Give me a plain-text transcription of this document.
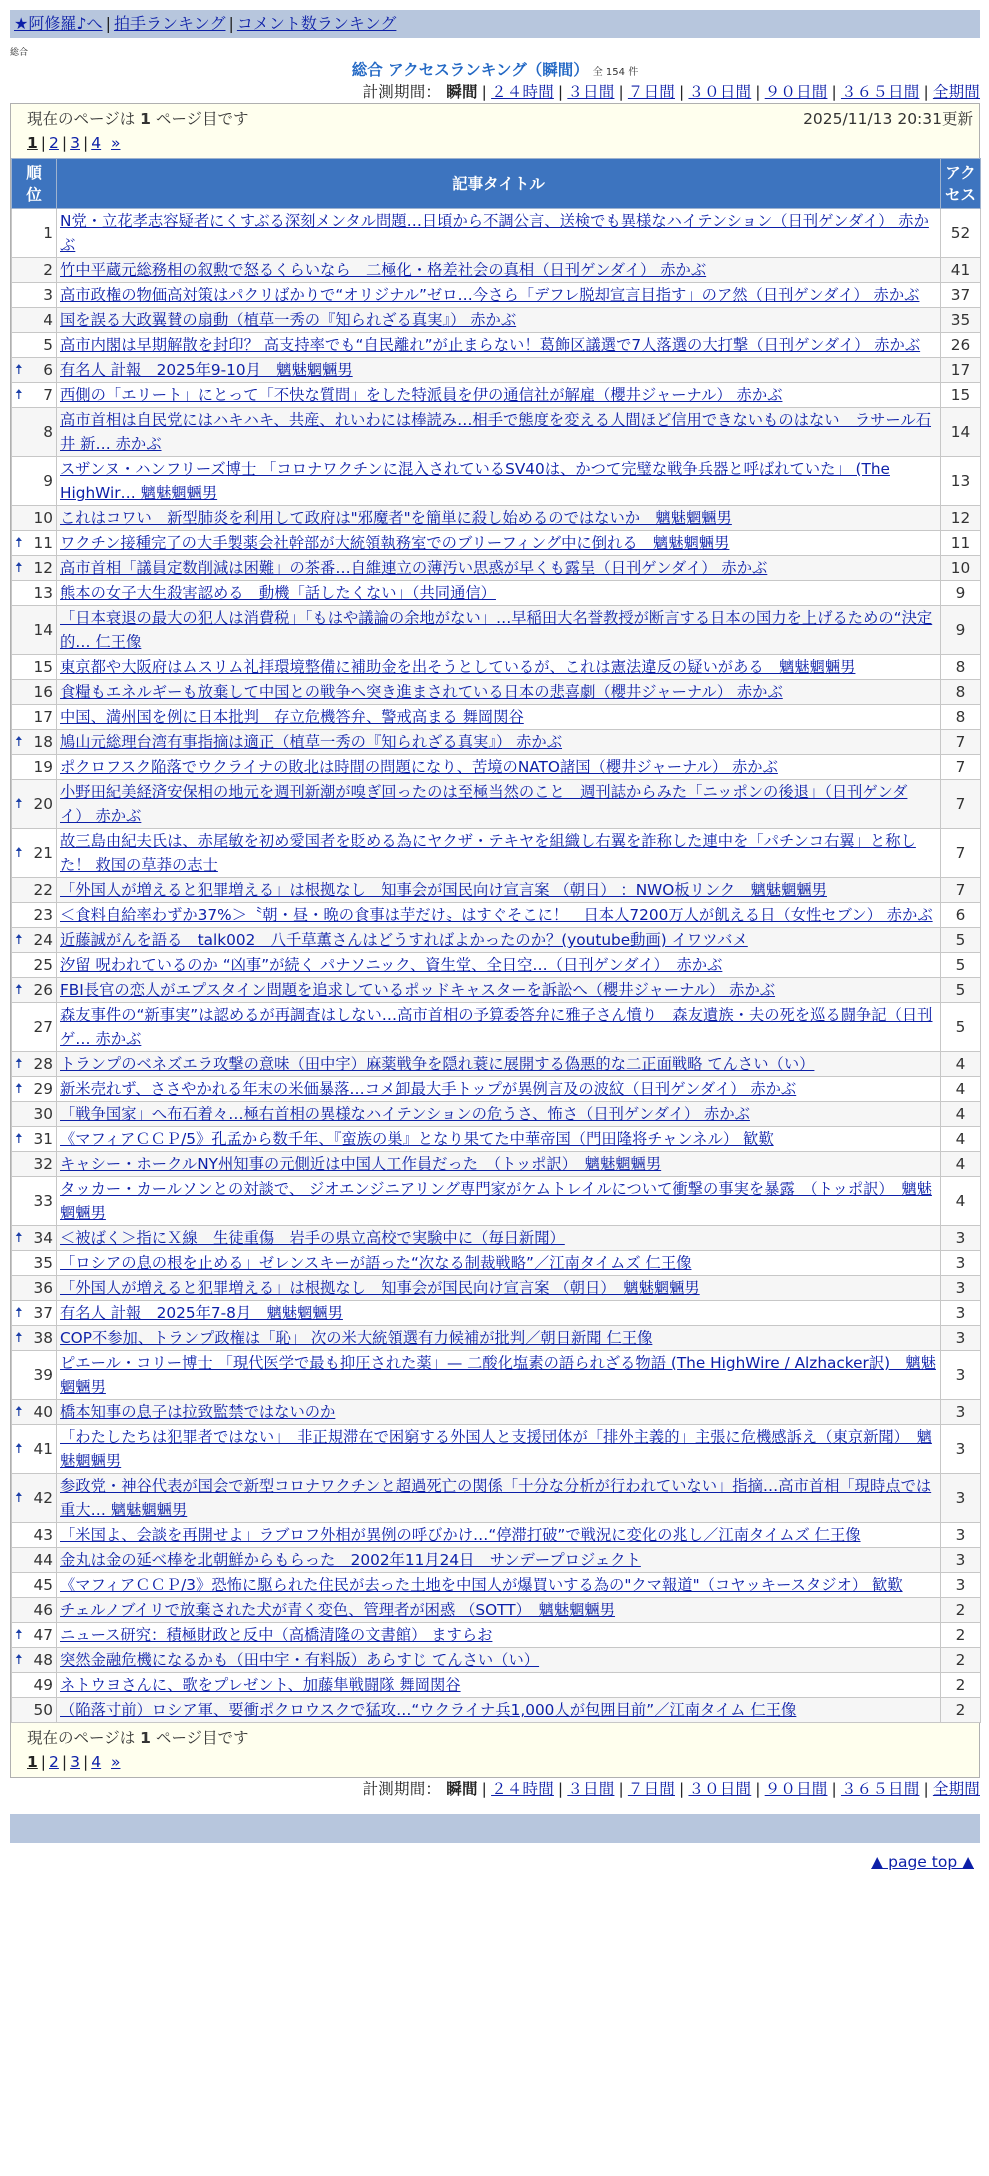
★阿修羅♪へ | 拍手ランキング | コメント数ランキング
総合
総合 アクセスランキング（瞬間） 全 154 件
計測期間： 瞬間 | ２４時間 | ３日間 | ７日間 | ３０日間 | ９０日間 | ３６５日間 | 全期間
現在のページは 1 ページ目です	2025/11/13 20:31更新
1 | 2 | 3 | 4 »
順位	記事タイトル	アクセス
1	N党・立花孝志容疑者にくすぶる深刻メンタル問題…日頃から不調公言、送検でも異様なハイテンション（日刊ゲンダイ） 赤かぶ	52
2	竹中平蔵元総務相の叙勲で怒るくらいなら　二極化・格差社会の真相（日刊ゲンダイ） 赤かぶ	41
3	高市政権の物価高対策はパクリばかりで“オリジナル”ゼロ…今さら「デフレ脱却宣言目指す」のア然（日刊ゲンダイ） 赤かぶ	37
4	国を誤る大政翼賛の扇動（植草一秀の『知られざる真実』） 赤かぶ	35
5	高市内閣は早期解散を封印？ 高支持率でも“自民離れ”が止まらない！葛飾区議選で7人落選の大打撃（日刊ゲンダイ） 赤かぶ	26

🠅 6	有名人 計報　2025年9-10月　魑魅魍魎男	17

🠅 7	西側の「エリート」にとって「不快な質問」をした特派員を伊の通信社が解雇（櫻井ジャーナル） 赤かぶ	15
8	高市首相は自民党にはハキハキ、共産、れいわには棒読み…相手で態度を変える人間ほど信用できないものはない　ラサール石井 新… 赤かぶ	14
9	スザンヌ・ハンフリーズ博士 「コロナワクチンに混入されているSV40は、かつて完璧な戦争兵器と呼ばれていた」 (The HighWir… 魑魅魍魎男	13
10	これはコワい　新型肺炎を利用して政府は"邪魔者"を簡単に殺し始めるのではないか　魑魅魍魎男	12

🠅 11	ワクチン接種完了の大手製薬会社幹部が大統領執務室でのブリーフィング中に倒れる　魑魅魍魎男	11

🠅 12	高市首相「議員定数削減は困難」の茶番…自維連立の薄汚い思惑が早くも露呈（日刊ゲンダイ） 赤かぶ	10
13	熊本の女子大生殺害認める　動機「話したくない」（共同通信）	9
14	「日本衰退の最大の犯人は消費税」「もはや議論の余地がない」…早稲田大名誉教授が断言する日本の国力を上げるための“決定的… 仁王像	9
15	東京都や大阪府はムスリム礼拝環境整備に補助金を出そうとしているが、これは憲法違反の疑いがある　魑魅魍魎男	8
16	食糧もエネルギーも放棄して中国との戦争へ突き進まされている日本の悲喜劇（櫻井ジャーナル） 赤かぶ	8
17	中国、満州国を例に日本批判　存立危機答弁、警戒高まる 舞岡関谷	8

🠅 18	鳩山元総理台湾有事指摘は適正（植草一秀の『知られざる真実』） 赤かぶ	7
19	ポクロフスク陥落でウクライナの敗北は時間の問題になり、苦境のNATO諸国（櫻井ジャーナル） 赤かぶ	7

🠅 20	小野田紀美経済安保相の地元を週刊新潮が嗅ぎ回ったのは至極当然のこと　週刊誌からみた「ニッポンの後退」（日刊ゲンダイ） 赤かぶ	7

🠅 21	故三島由紀夫氏は、赤尾敏を初め愛国者を貶める為にヤクザ・テキヤを組織し右翼を詐称した連中を「パチンコ右翼」と称した！ 救国の草莽の志士	7
22	「外国人が増えると犯罪増える」は根拠なし　知事会が国民向け宣言案 （朝日） ：NWO板リンク　魑魅魍魎男	7
23	＜食料自給率わずか37%＞〝朝・昼・晩の食事は芋だけ〟はすぐそこに！　日本人7200万人が飢える日（女性セブン） 赤かぶ	6

🠅 24	近藤誠がんを語る　talk002　八千草薫さんはどうすればよかったのか？(youtube動画) イワツバメ	5
25	汐留 呪われているのか “凶事”が続く パナソニック、資生堂、全日空…（日刊ゲンダイ）　赤かぶ	5

🠅 26	FBI長官の恋人がエプスタイン問題を追求しているポッドキャスターを訴訟へ（櫻井ジャーナル） 赤かぶ	5
27	森友事件の“新事実”は認めるが再調査はしない…高市首相の予算委答弁に雅子さん憤り　森友遺族・夫の死を巡る闘争記（日刊ゲ… 赤かぶ	5

🠅 28	トランプのベネズエラ攻撃の意味（田中宇）麻薬戦争を隠れ蓑に展開する偽悪的な二正面戦略 てんさい（い）	4

🠅 29	新米売れず、ささやかれる年末の米価暴落…コメ卸最大手トップが異例言及の波紋（日刊ゲンダイ） 赤かぶ	4
30	「戦争国家」へ布石着々…極右首相の異様なハイテンションの危うさ、怖さ（日刊ゲンダイ） 赤かぶ	4

🠅 31	《マフィアＣＣＰ/5》孔孟から数千年、『蛮族の巣』となり果てた中華帝国（門田隆将チャンネル） 歓歎	4
32	キャシー・ホークルNY州知事の元側近は中国人工作員だった　（トッポ訳）　魑魅魍魎男	4
33	タッカー・カールソンとの対談で、 ジオエンジニアリング専門家がケムトレイルについて衝撃の事実を暴露　（トッポ訳）　魑魅魍魎男	4

🠅 34	＜被ばく＞指にＸ線　生徒重傷　岩手の県立高校で実験中に（毎日新聞）	3
35	「ロシアの息の根を止める」ゼレンスキーが語った“次なる制裁戦略”／江南タイムズ 仁王像	3
36	「外国人が増えると犯罪増える」は根拠なし　知事会が国民向け宣言案 （朝日）　魑魅魍魎男	3

🠅 37	有名人 計報　2025年7-8月　魑魅魍魎男	3

🠅 38	COP不参加、トランプ政権は「恥」 次の米大統領選有力候補が批判／朝日新聞 仁王像	3
39	ピエール・コリー博士 「現代医学で最も抑圧された薬」— 二酸化塩素の語られざる物語 (The HighWire / Alzhacker訳)　魑魅魍魎男	3

🠅 40	橋本知事の息子は拉致監禁ではないのか	3

🠅 41	「わたしたちは犯罪者ではない」　非正規滞在で困窮する外国人と支援団体が「排外主義的」主張に危機感訴え（東京新聞）　魑魅魍魎男	3

🠅 42	参政党・神谷代表が国会で新型コロナワクチンと超過死亡の関係「十分な分析が行われていない」指摘…高市首相「現時点では重大… 魑魅魍魎男	3
43	「米国よ、会談を再開せよ」ラブロフ外相が異例の呼びかけ…“停滞打破”で戦況に変化の兆し／江南タイムズ 仁王像	3
44	金丸は金の延べ棒を北朝鮮からもらった　2002年11月24日　サンデープロジェクト	3
45	《マフィアＣＣＰ/3》恐怖に駆られた住民が去った土地を中国人が爆買いする為の"クマ報道"（コヤッキースタジオ） 歓歎	3
46	チェルノブイリで放棄された犬が青く変色、管理者が困惑 （SOTT）　魑魅魍魎男	2

🠅 47	ニュース研究：積極財政と反中（高橋清隆の文書館） ますらお	2

🠅 48	突然金融危機になるかも（田中宇・有料版）あらすじ てんさい（い）	2
49	ネトウヨさんに、歌をプレゼント、加藤隼戦闘隊 舞岡関谷	2
50	（陥落寸前）ロシア軍、要衝ポクロウスクで猛攻…“ウクライナ兵1,000人が包囲目前”／江南タイム 仁王像	2
現在のページは 1 ページ目です
1 | 2 | 3 | 4 »
計測期間： 瞬間 | ２４時間 | ３日間 | ７日間 | ３０日間 | ９０日間 | ３６５日間 | 全期間
▲ page top ▲
